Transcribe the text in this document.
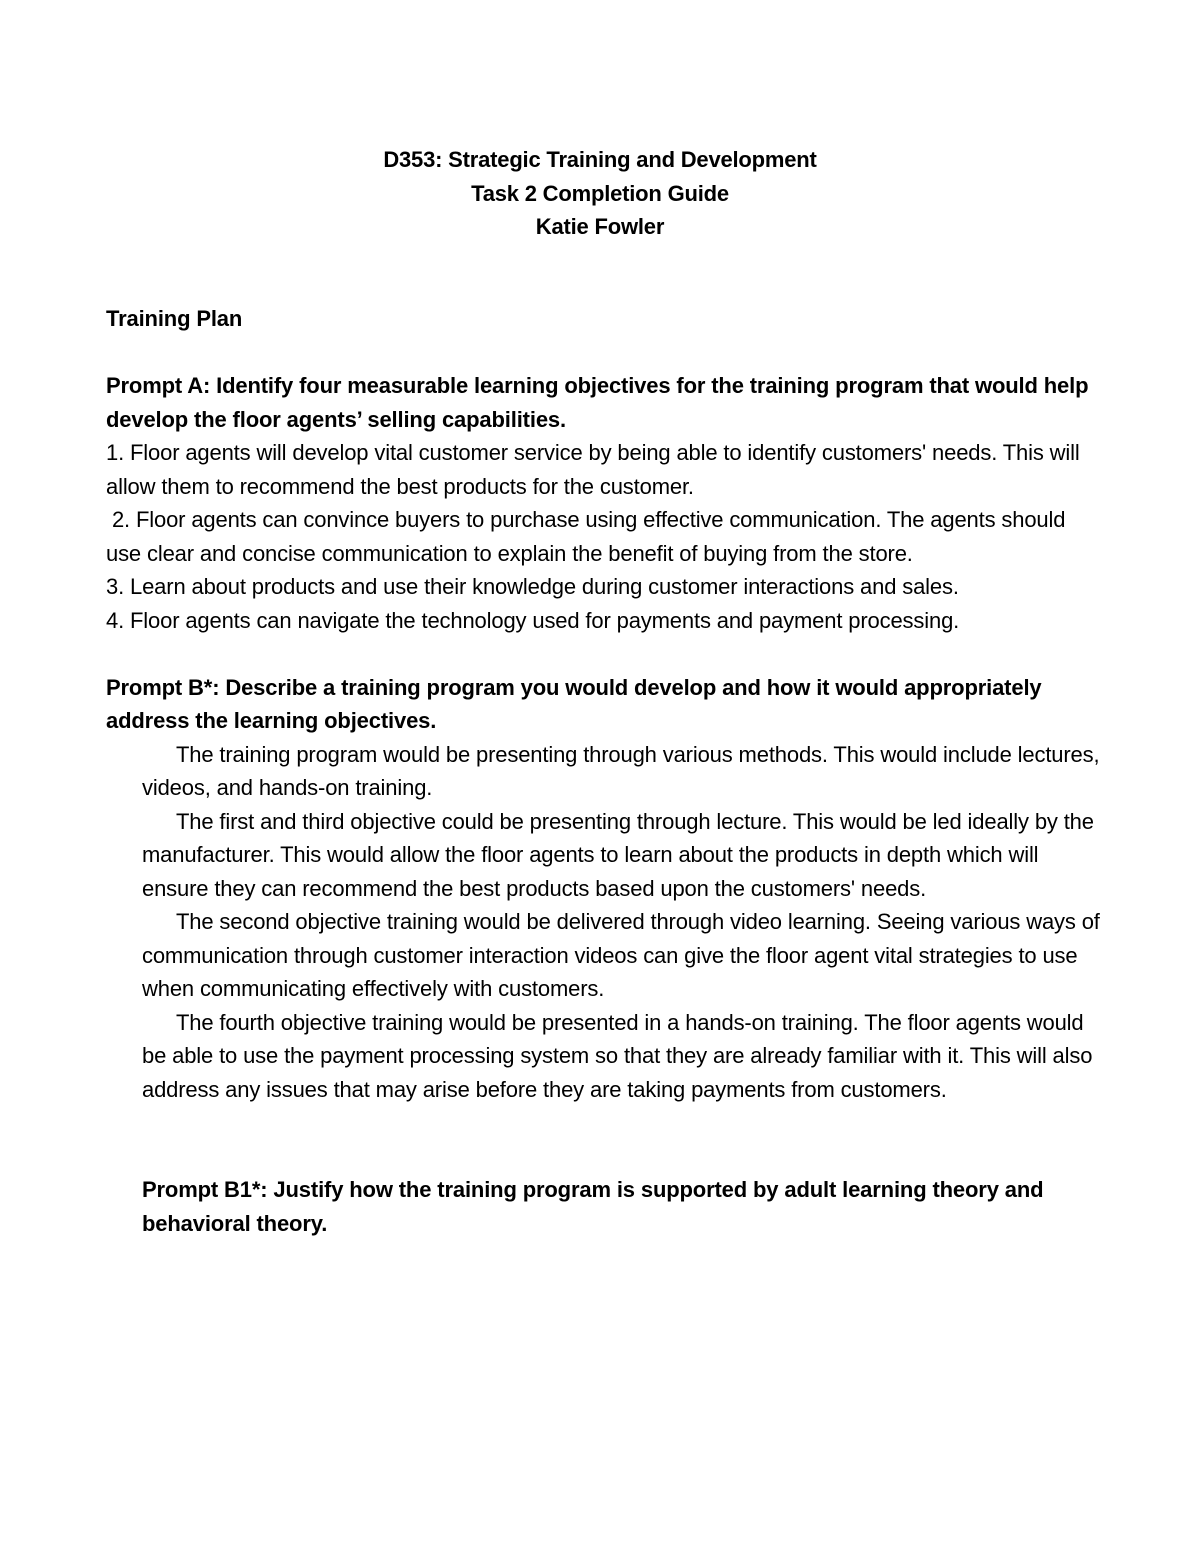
D353: Strategic Training and Development
Task 2 Completion Guide
Katie Fowler

Training Plan

Prompt A: Identify four measurable learning objectives for the training program that would help develop the floor agents’ selling capabilities.

1. Floor agents will develop vital customer service by being able to identify customers' needs. This will allow them to recommend the best products for the customer.

2. Floor agents can convince buyers to purchase using effective communication. The agents should use clear and concise communication to explain the benefit of buying from the store.

3. Learn about products and use their knowledge during customer interactions and sales.

4. Floor agents can navigate the technology used for payments and payment processing.

Prompt B*: Describe a training program you would develop and how it would appropriately address the learning objectives.

The training program would be presenting through various methods. This would include lectures, videos, and hands-on training.

The first and third objective could be presenting through lecture. This would be led ideally by the manufacturer. This would allow the floor agents to learn about the products in depth which will ensure they can recommend the best products based upon the customers' needs.

The second objective training would be delivered through video learning. Seeing various ways of communication through customer interaction videos can give the floor agent vital strategies to use when communicating effectively with customers.

The fourth objective training would be presented in a hands-on training. The floor agents would be able to use the payment processing system so that they are already familiar with it. This will also address any issues that may arise before they are taking payments from customers.

Prompt B1*: Justify how the training program is supported by adult learning theory and behavioral theory.
